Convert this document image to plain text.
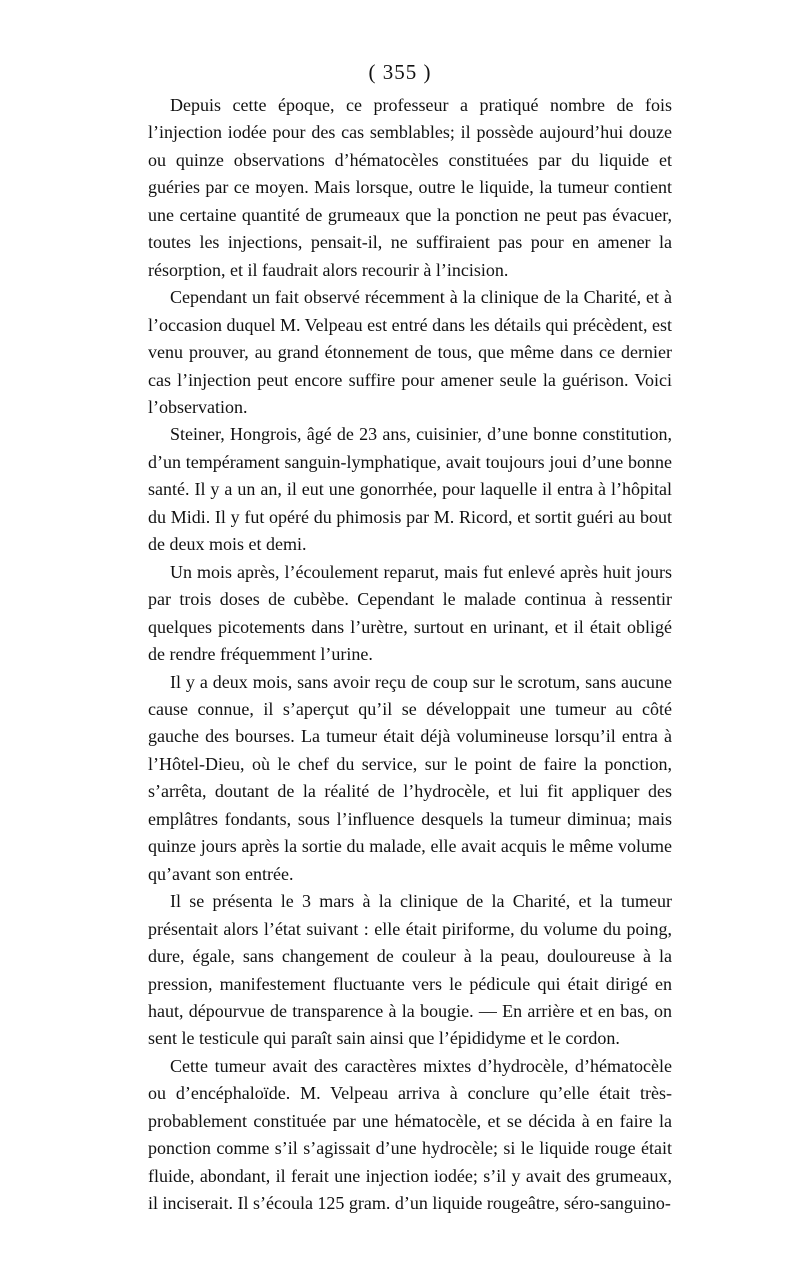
( 355 )

Depuis cette époque, ce professeur a pratiqué nombre de fois l’injection iodée pour des cas semblables; il possède aujourd’hui douze ou quinze observations d’hématocèles constituées par du liquide et guéries par ce moyen. Mais lorsque, outre le liquide, la tumeur contient une certaine quantité de grumeaux que la ponction ne peut pas évacuer, toutes les injections, pensait-il, ne suffiraient pas pour en amener la résorption, et il faudrait alors recourir à l’incision.

Cependant un fait observé récemment à la clinique de la Charité, et à l’occasion duquel M. Velpeau est entré dans les détails qui précèdent, est venu prouver, au grand étonnement de tous, que même dans ce dernier cas l’injection peut encore suffire pour amener seule la guérison. Voici l’observation.

Steiner, Hongrois, âgé de 23 ans, cuisinier, d’une bonne constitution, d’un tempérament sanguin-lymphatique, avait toujours joui d’une bonne santé. Il y a un an, il eut une gonorrhée, pour laquelle il entra à l’hôpital du Midi. Il y fut opéré du phimosis par M. Ricord, et sortit guéri au bout de deux mois et demi.

Un mois après, l’écoulement reparut, mais fut enlevé après huit jours par trois doses de cubèbe. Cependant le malade continua à ressentir quelques picotements dans l’urètre, surtout en urinant, et il était obligé de rendre fréquemment l’urine.

Il y a deux mois, sans avoir reçu de coup sur le scrotum, sans aucune cause connue, il s’aperçut qu’il se développait une tumeur au côté gauche des bourses. La tumeur était déjà volumineuse lorsqu’il entra à l’Hôtel-Dieu, où le chef du service, sur le point de faire la ponction, s’arrêta, doutant de la réalité de l’hydrocèle, et lui fit appliquer des emplâtres fondants, sous l’influence desquels la tumeur diminua; mais quinze jours après la sortie du malade, elle avait acquis le même volume qu’avant son entrée.

Il se présenta le 3 mars à la clinique de la Charité, et la tumeur présentait alors l’état suivant : elle était piriforme, du volume du poing, dure, égale, sans changement de couleur à la peau, douloureuse à la pression, manifestement fluctuante vers le pédicule qui était dirigé en haut, dépourvue de transparence à la bougie. — En arrière et en bas, on sent le testicule qui paraît sain ainsi que l’épididyme et le cordon.

Cette tumeur avait des caractères mixtes d’hydrocèle, d’hématocèle ou d’encéphaloïde. M. Velpeau arriva à conclure qu’elle était très-probablement constituée par une hématocèle, et se décida à en faire la ponction comme s’il s’agissait d’une hydrocèle; si le liquide rouge était fluide, abondant, il ferait une injection iodée; s’il y avait des grumeaux, il inciserait. Il s’écoula 125 gram. d’un liquide rougeâtre, séro-sanguino-
